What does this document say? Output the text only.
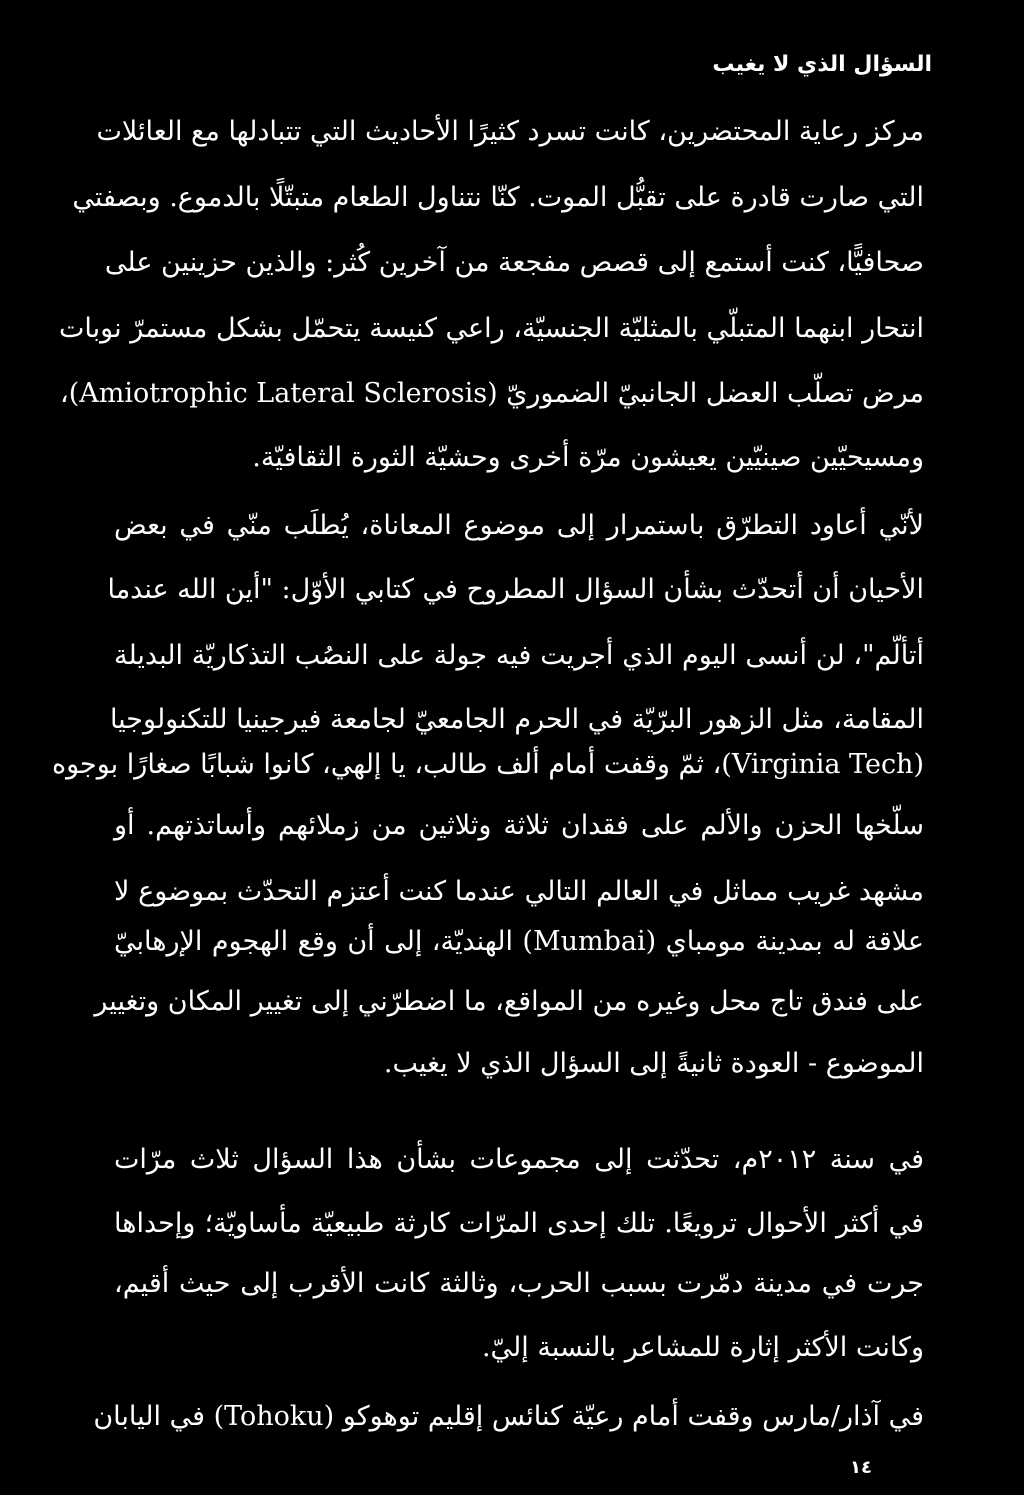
السؤال الذي لا يغيب
مركز رعاية المحتضرين، كانت تسرد كثيرًا الأحاديث التي تتبادلها مع العائلات
التي صارت قادرة على تقبُّل الموت. كنّا نتناول الطعام متبتّلًا بالدموع. وبصفتي
صحافيًّا، كنت أستمع إلى قصص مفجعة من آخرين كُثر: والذين حزينين على
انتحار ابنهما المتبلّي بالمثليّة الجنسيّة، راعي كنيسة يتحمّل بشكل مستمرّ نوبات
مرض تصلّب العضل الجانبيّ الضموريّ (Amiotrophic Lateral Sclerosis)،
ومسيحيّين صينيّين يعيشون مرّة أخرى وحشيّة الثورة الثقافيّة.
لأنّي أعاود التطرّق باستمرار إلى موضوع المعاناة، يُطلَب منّي في بعض
الأحيان أن أتحدّث بشأن السؤال المطروح في كتابي الأوّل: "أين الله عندما
أتألّم"، لن أنسى اليوم الذي أجريت فيه جولة على النصُب التذكاريّة البديلة
المقامة، مثل الزهور البرّيّة في الحرم الجامعيّ لجامعة فيرجينيا للتكنولوجيا
(Virginia Tech)، ثمّ وقفت أمام ألف طالب، يا إلهي، كانوا شبابًا صغارًا بوجوه
سلّخها الحزن والألم على فقدان ثلاثة وثلاثين من زملائهم وأساتذتهم. أو
مشهد غريب مماثل في العالم التالي عندما كنت أعتزم التحدّث بموضوع لا
علاقة له بمدينة مومباي (Mumbai) الهنديّة، إلى أن وقع الهجوم الإرهابيّ
على فندق تاج محل وغيره من المواقع، ما اضطرّني إلى تغيير المكان وتغيير
الموضوع - العودة ثانيةً إلى السؤال الذي لا يغيب.
في سنة ٢٠١٢م، تحدّثت إلى مجموعات بشأن هذا السؤال ثلاث مرّات
في أكثر الأحوال ترويعًا. تلك إحدى المرّات كارثة طبيعيّة مأساويّة؛ وإحداها
جرت في مدينة دمّرت بسبب الحرب، وثالثة كانت الأقرب إلى حيث أقيم،
وكانت الأكثر إثارة للمشاعر بالنسبة إليّ.
في آذار/مارس وقفت أمام رعيّة كنائس إقليم توهوكو (Tohoku) في اليابان
١٤
